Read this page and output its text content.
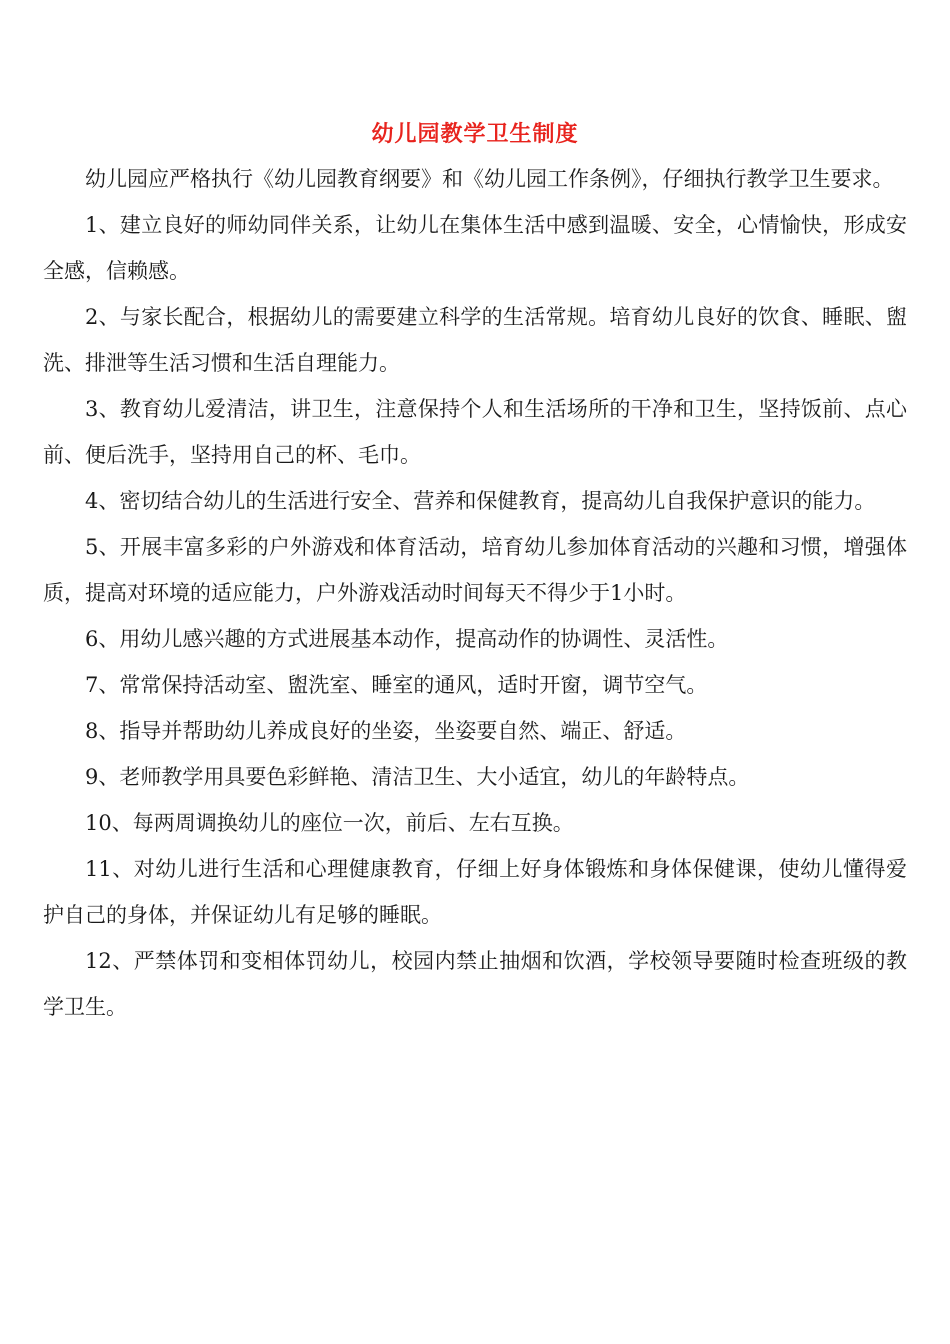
幼儿园教学卫生制度

幼儿园应严格执行《幼儿园教育纲要》和《幼儿园工作条例》，仔细执行教学卫生要求。

1、建立良好的师幼同伴关系，让幼儿在集体生活中感到温暖、安全，心情愉快，形成安全感，信赖感。

2、与家长配合，根据幼儿的需要建立科学的生活常规。培育幼儿良好的饮食、睡眠、盥洗、排泄等生活习惯和生活自理能力。

3、教育幼儿爱清洁，讲卫生，注意保持个人和生活场所的干净和卫生，坚持饭前、点心前、便后洗手，坚持用自己的杯、毛巾。

4、密切结合幼儿的生活进行安全、营养和保健教育，提高幼儿自我保护意识的能力。

5、开展丰富多彩的户外游戏和体育活动，培育幼儿参加体育活动的兴趣和习惯，增强体质，提高对环境的适应能力，户外游戏活动时间每天不得少于1小时。

6、用幼儿感兴趣的方式进展基本动作，提高动作的协调性、灵活性。

7、常常保持活动室、盥洗室、睡室的通风，适时开窗，调节空气。

8、指导并帮助幼儿养成良好的坐姿，坐姿要自然、端正、舒适。

9、老师教学用具要色彩鲜艳、清洁卫生、大小适宜，幼儿的年龄特点。

10、每两周调换幼儿的座位一次，前后、左右互换。

11、对幼儿进行生活和心理健康教育，仔细上好身体锻炼和身体保健课，使幼儿懂得爱护自己的身体，并保证幼儿有足够的睡眠。

12、严禁体罚和变相体罚幼儿，校园内禁止抽烟和饮酒，学校领导要随时检查班级的教学卫生。
